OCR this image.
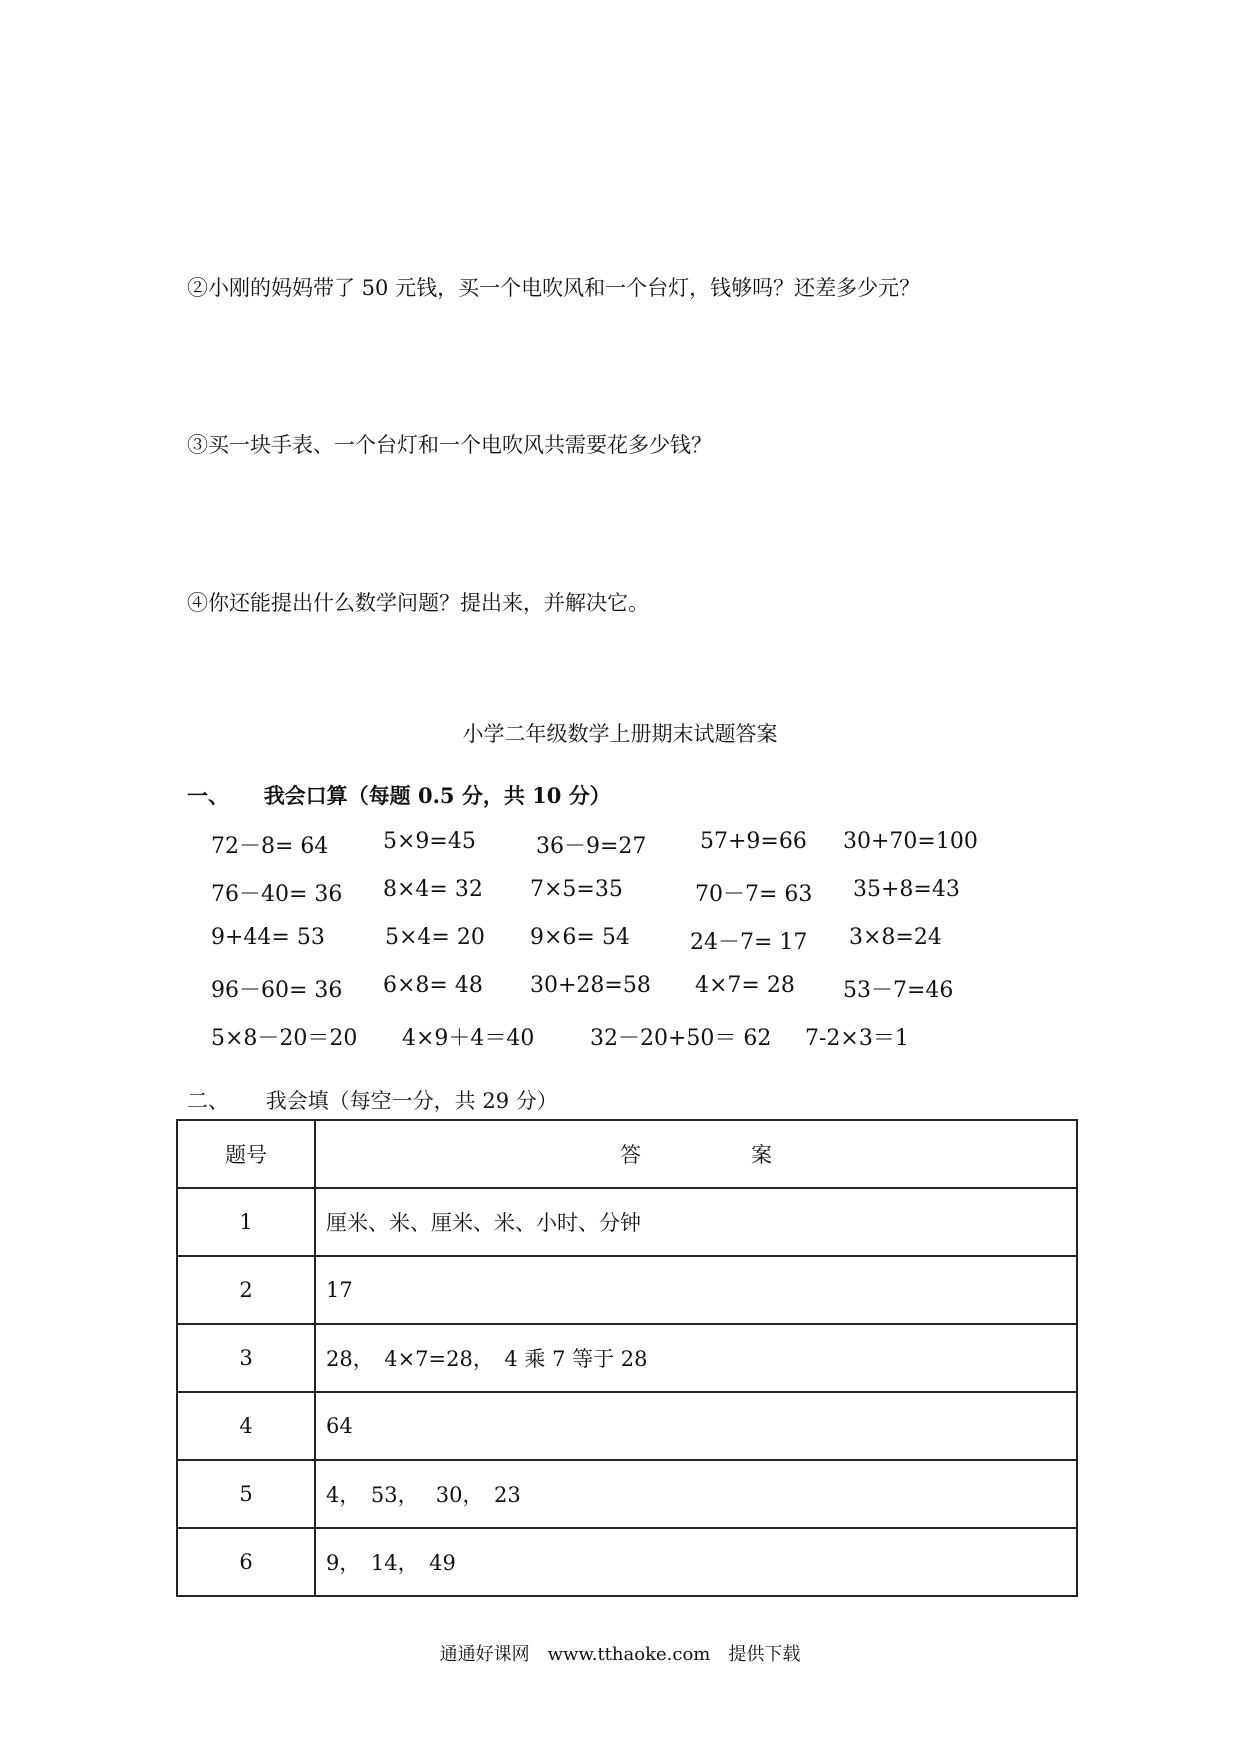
②小刚的妈妈带了 50 元钱，买一个电吹风和一个台灯，钱够吗？还差多少元？
③买一块手表、一个台灯和一个电吹风共需要花多少钱？
④你还能提出什么数学问题？提出来，并解决它。
小学二年级数学上册期末试题答案
一、 我会口算（每题 0.5 分，共 10 分）
72－8= 64 5×9=45	36－9=27 57+9=66 30+70=100
76－40= 36 8×4= 32 7×5=35	70－7= 63 35+8=43
9+44= 53	5×4= 20 9×6= 54	24－7= 17 3×8=24
96－60= 36 6×8= 48 30+28=58 4×7= 28 53－7=46
5×8－20＝20 4×9＋4＝40	32－20+50＝ 62 7-2×3＝1
二、 我会填（每空一分，共 29 分）
题号	答 案

1	厘米、米、厘米、米、小时、分钟
2	17
3	28，　4×7=28，　4 乘 7 等于 28
4	64
5	4，　53，　 30，　23
6	9，　14，　49
通通好课网　www.tthaoke.com　提供下载
